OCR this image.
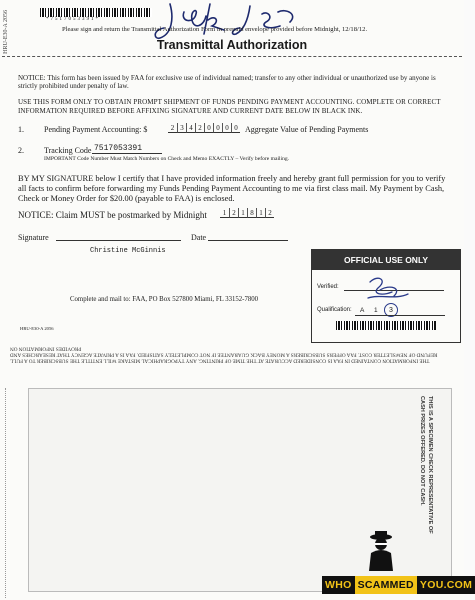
HRU-E30-A 2056	*7517053391*
Please sign and return the Transmittal Authorization Form in prepaid envelope provided before Midnight, 12/18/12.
Transmittal Authorization
NOTICE: This form has been issued by FAA for exclusive use of individual named; transfer to any other individual or unauthorized use by anyone is strictly prohibited under penalty of law.
USE THIS FORM ONLY TO OBTAIN PROMPT SHIPMENT OF FUNDS PENDING PAYMENT ACCOUNTING. COMPLETE OR CORRECT INFORMATION REQUIRED BEFORE AFFIXING SIGNATURE AND CURRENT DATE BELOW IN BLACK INK.
1.	Pending Payment Accounting: $	2 3 4 2 0 0 0 0 Aggregate Value of Pending Payments
2.	Tracking Code 7517053391
IMPORTANT Code Number Must Match Numbers on Check and Memo EXACTLY – Verify before mailing.
BY MY SIGNATURE below I certify that I have provided information freely and hereby grant full permission for you to verify all facts to confirm before forwarding my Funds Pending Payment Accounting to me via first class mail. My Payment by Cash, Check or Money Order for $20.00 (payable to FAA) is enclosed.
NOTICE: Claim MUST be postmarked by Midnight	1 2 1 8 1 2
Signature	Date
Christine McGinnis
OFFICIAL USE ONLY
Verified:
Qualification: A 1	3
Complete and mail to: FAA, PO Box 527800 Miami, FL 33152-7800
HRU-E30-A 2056
THE INFORMATION CONTAINED IN FAA IS CONSIDERED ACCURATE AT THE TIME OF PRINTING. ANY TYPOGRAPHICAL MISTAKE WILL ENTITLE THE SUBSCRIBER TO A FULL REFUND OF NEWSLETTER COST. FAA OFFERS SUBSCRIBERS A MONEY BACK GUARANTEE IF NOT COMPLETELY SATISFIED. FAA IS A PRIVATE AGENCY THAT RESEARCHES AND PROVIDES INFORMATION ON
THIS IS A SPECIMEN CHECK REPRESENTATIVE OF CASH PRIZES OFFERED. DO NOT CASH.
WHO SCAMMED YOU.COM
